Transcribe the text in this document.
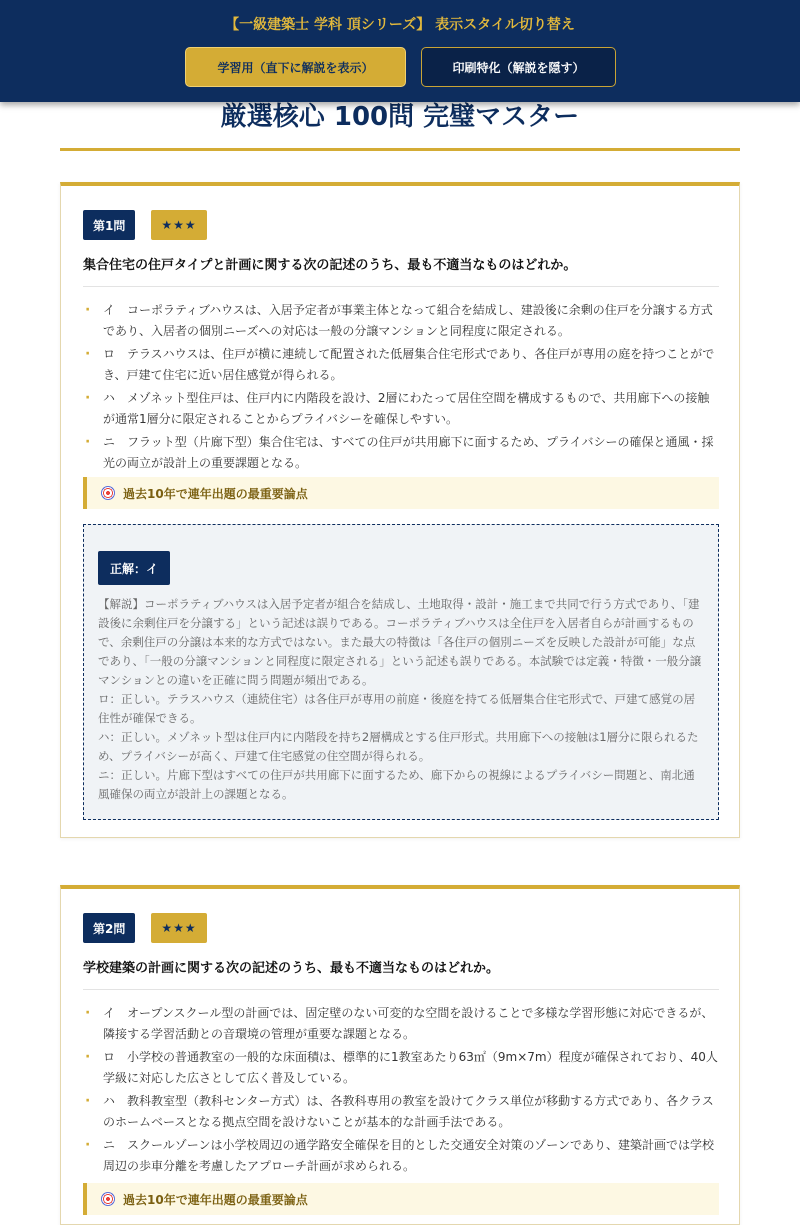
【一級建築士 学科 頂シリーズ】 表示スタイル切り替え
学習用（直下に解説を表示）	印刷特化（解説を隠す）
厳選核心 100問 完璧マスター
第1問	★★★
集合住宅の住戸タイプと計画に関する次の記述のうち、最も不適当なものはどれか。
· イ　コーポラティブハウスは、入居予定者が事業主体となって組合を結成し、建設後に余剰の住戸を分譲する方式であり、入居者の個別ニーズへの対応は一般の分譲マンションと同程度に限定される。
· ロ　テラスハウスは、住戸が横に連続して配置された低層集合住宅形式であり、各住戸が専用の庭を持つことができ、戸建て住宅に近い居住感覚が得られる。
· ハ　メゾネット型住戸は、住戸内に内階段を設け、2層にわたって居住空間を構成するもので、共用廊下への接触が通常1層分に限定されることからプライバシーを確保しやすい。
· ニ　フラット型（片廊下型）集合住宅は、すべての住戸が共用廊下に面するため、プライバシーの確保と通風・採光の両立が設計上の重要課題となる。
過去10年で連年出題の最重要論点
正解：イ

【解説】コーポラティブハウスは入居予定者が組合を結成し、土地取得・設計・施工まで共同で行う方式であり、「建設後に余剰住戸を分譲する」という記述は誤りである。コーポラティブハウスは全住戸を入居者自らが計画するもので、余剰住戸の分譲は本来的な方式ではない。また最大の特徴は「各住戸の個別ニーズを反映した設計が可能」な点であり、「一般の分譲マンションと同程度に限定される」という記述も誤りである。本試験では定義・特徴・一般分譲マンションとの違いを正確に問う問題が頻出である。

ロ：正しい。テラスハウス（連続住宅）は各住戸が専用の前庭・後庭を持てる低層集合住宅形式で、戸建て感覚の居住性が確保できる。

ハ：正しい。メゾネット型は住戸内に内階段を持ち2層構成とする住戸形式。共用廊下への接触は1層分に限られるため、プライバシーが高く、戸建て住宅感覚の住空間が得られる。

ニ：正しい。片廊下型はすべての住戸が共用廊下に面するため、廊下からの視線によるプライバシー問題と、南北通風確保の両立が設計上の課題となる。

第2問	★★★
学校建築の計画に関する次の記述のうち、最も不適当なものはどれか。
· イ　オープンスクール型の計画では、固定壁のない可変的な空間を設けることで多様な学習形態に対応できるが、隣接する学習活動との音環境の管理が重要な課題となる。
· ロ　小学校の普通教室の一般的な床面積は、標準的に1教室あたり63㎡（9m×7m）程度が確保されており、40人学級に対応した広さとして広く普及している。
· ハ　教科教室型（教科センター方式）は、各教科専用の教室を設けてクラス単位が移動する方式であり、各クラスのホームベースとなる拠点空間を設けないことが基本的な計画手法である。
· ニ　スクールゾーンは小学校周辺の通学路安全確保を目的とした交通安全対策のゾーンであり、建築計画では学校周辺の歩車分離を考慮したアプローチ計画が求められる。
過去10年で連年出題の最重要論点
